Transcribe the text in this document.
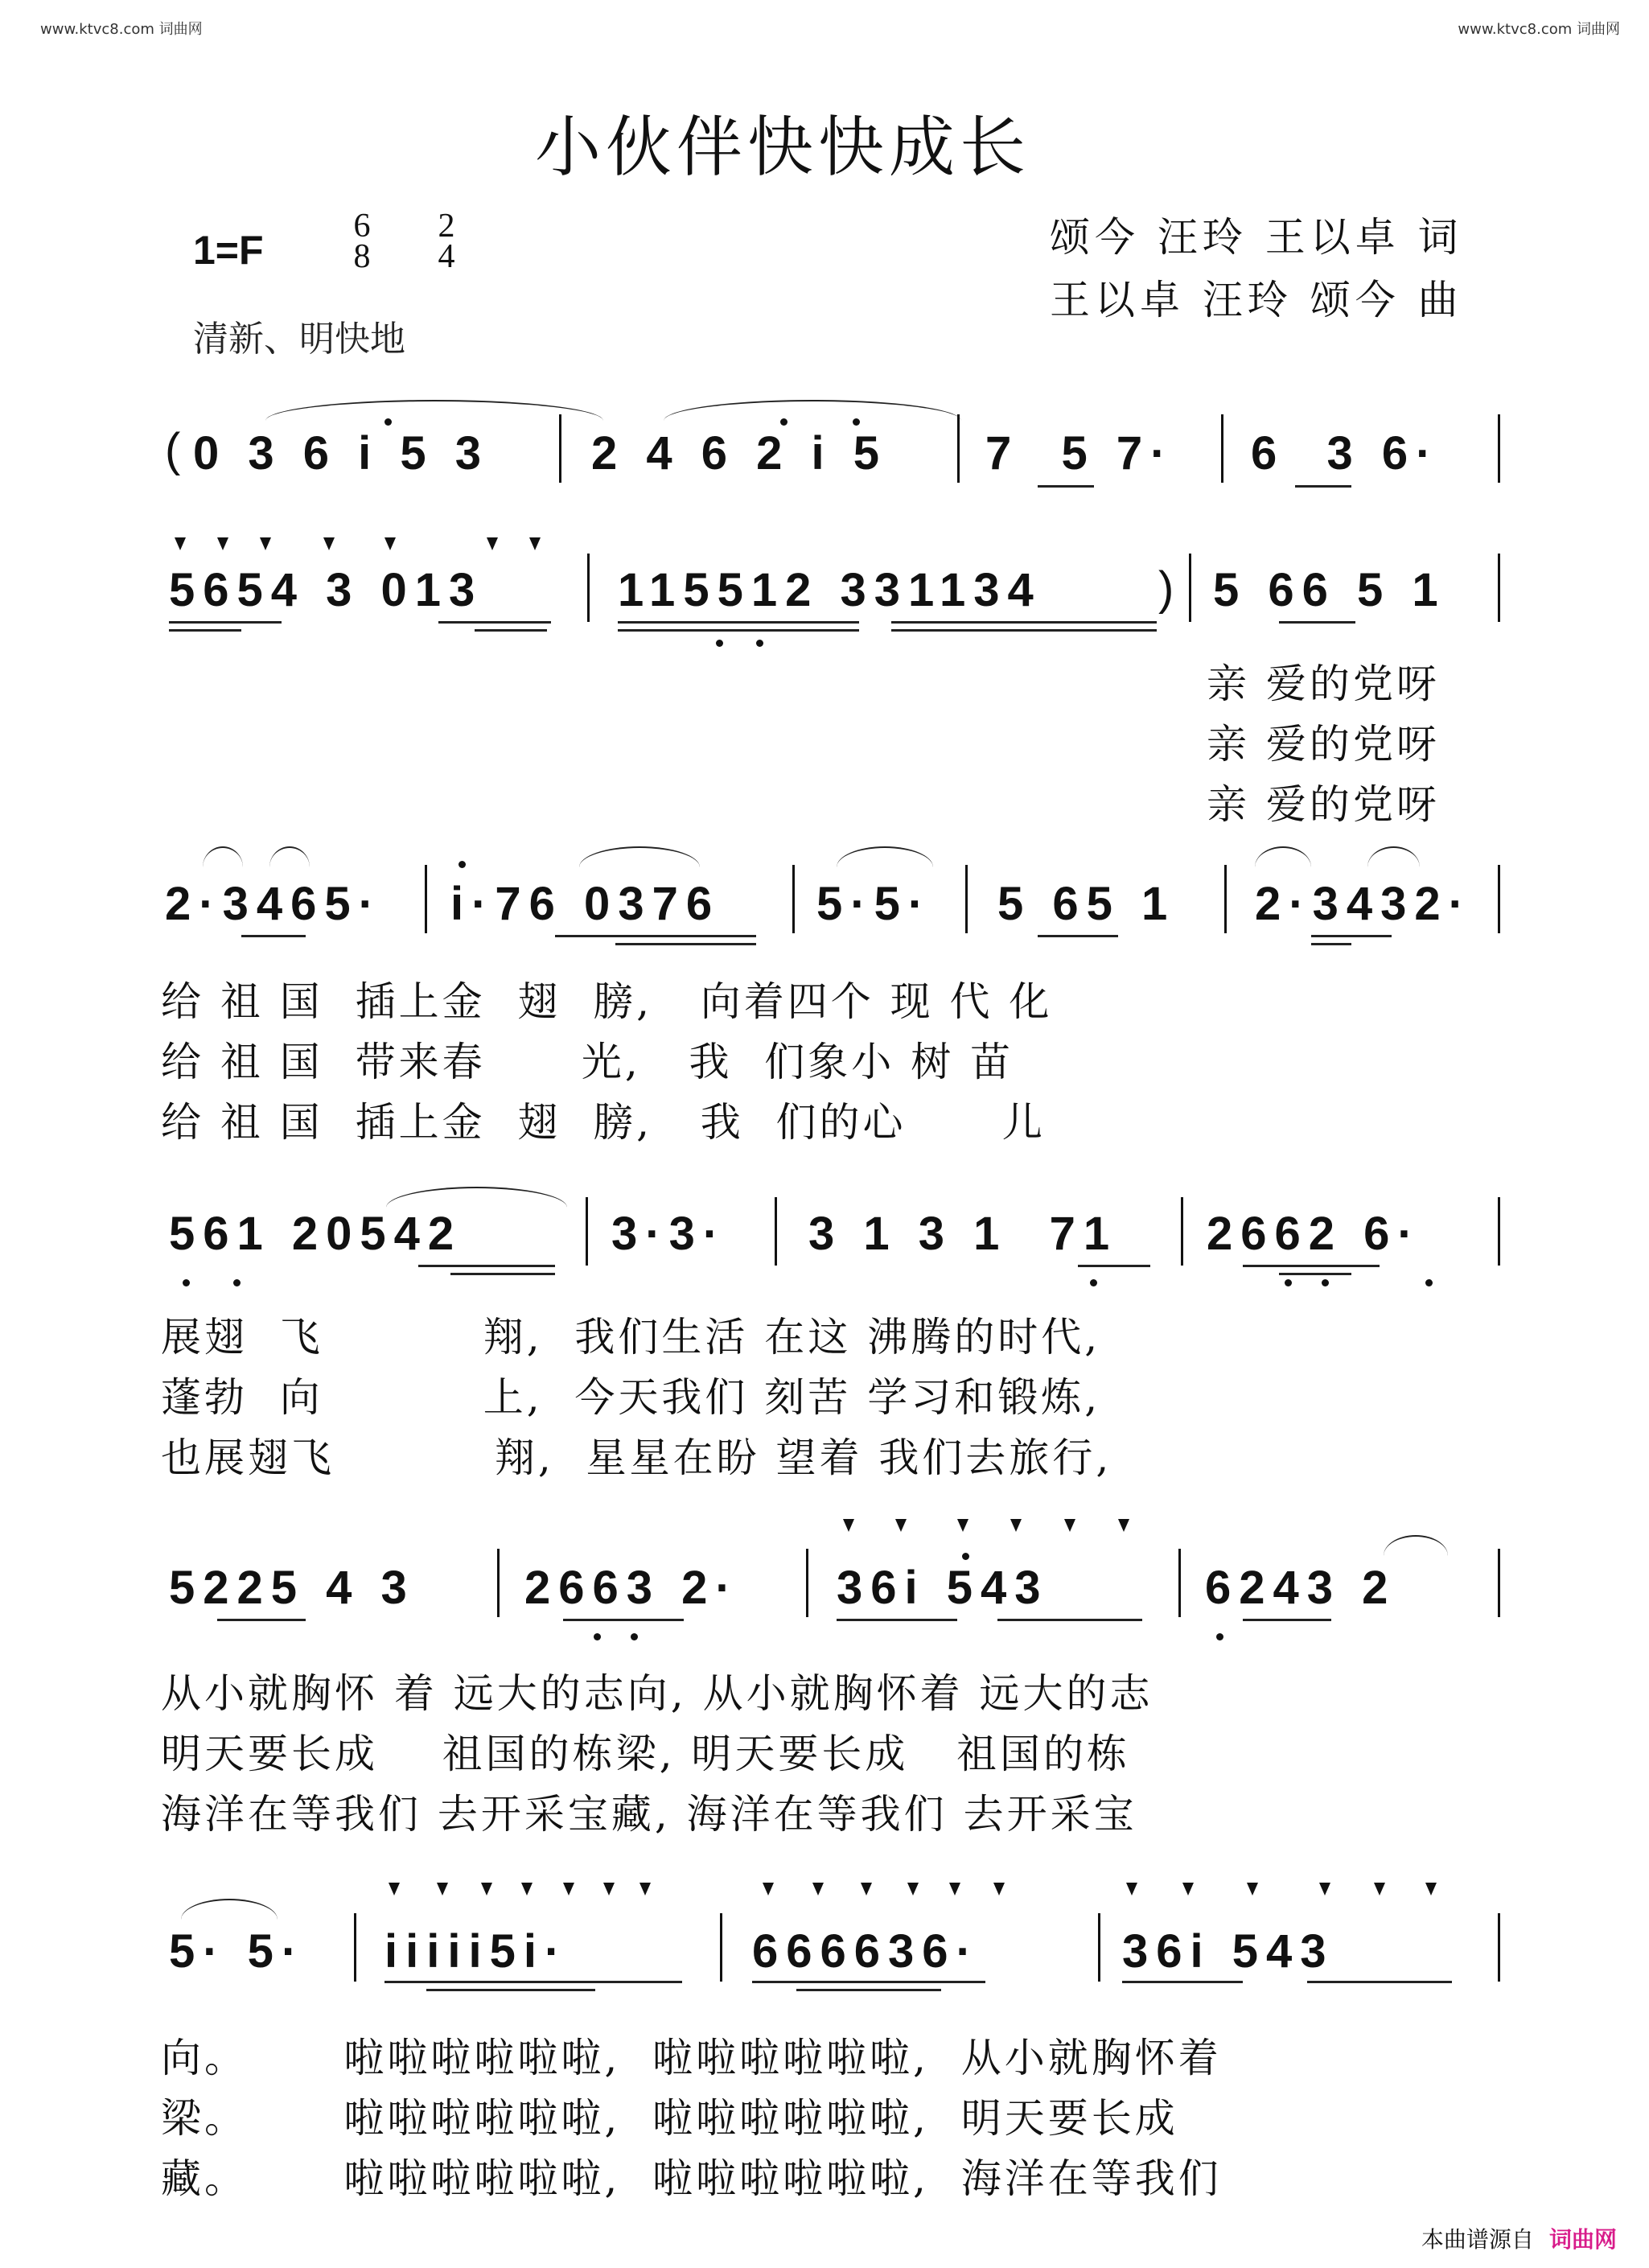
www.ktvc8.com 词曲网	www.ktvc8.com 词曲网
小伙伴快快成长
1=F
6
8
2
4
清新、明快地
颂今 汪玲 王以卓 词
王以卓 汪玲 颂今 曲
( 0 3 6 i 5 3 2 4 6 2 i 5 7  5 7· 6  3 6·
5654 3 013	115512 331134	) 5 66 5 1
亲 爱的党呀
亲 爱的党呀
亲 爱的党呀
2·3465· i·76 0376 5·5· 5 65 1 2·3432·
给 祖 国  插上金  翅  膀,   向着四个 现 代 化
给 祖 国  带来春      光,   我  们象小 树 苗
给 祖 国  插上金  翅  膀,   我  们的心      儿
561 20542	3·3· 3 1 3 1  71 2662 6·
展翅  飞          翔,  我们生活 在这 沸腾的时代,
蓬勃  向          上,  今天我们 刻苦 学习和锻炼,
也展翅飞          翔,  星星在盼 望着 我们去旅行,
5225 4 3 2663 2· 36i 543	6243 2
从小就胸怀 着 远大的志向, 从小就胸怀着 远大的志
明天要长成    祖国的栋梁, 明天要长成   祖国的栋
海洋在等我们 去开采宝藏, 海洋在等我们 去开采宝
5· 5· iiiii5i·	666636·	36i 543
向。      啦啦啦啦啦啦,  啦啦啦啦啦啦,  从小就胸怀着
梁。      啦啦啦啦啦啦,  啦啦啦啦啦啦,  明天要长成
藏。      啦啦啦啦啦啦,  啦啦啦啦啦啦,  海洋在等我们
本曲谱源自 词曲网
